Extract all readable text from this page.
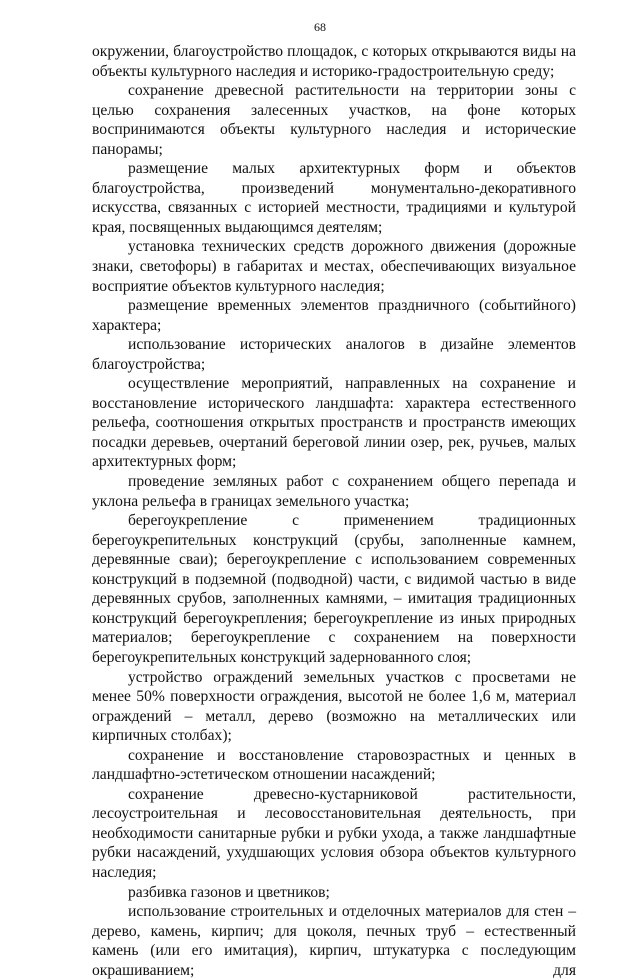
68

окружении, благоустройство площадок, с которых открываются виды на объекты культурного наследия и историко-градостроительную среду;

сохранение древесной растительности на территории зоны с целью сохранения залесенных участков, на фоне которых воспринимаются объекты культурного наследия и исторические панорамы;

размещение малых архитектурных форм и объектов благоустройства, произведений монументально-декоративного искусства, связанных с историей местности, традициями и культурой края, посвященных выдающимся деятелям;

установка технических средств дорожного движения (дорожные знаки, светофоры) в габаритах и местах, обеспечивающих визуальное восприятие объектов культурного наследия;

размещение временных элементов праздничного (событийного) характера;

использование исторических аналогов в дизайне элементов благоустройства;

осуществление мероприятий, направленных на сохранение и восстановление исторического ландшафта: характера естественного рельефа, соотношения открытых пространств и пространств имеющих посадки деревьев, очертаний береговой линии озер, рек, ручьев, малых архитектурных форм;

проведение земляных работ с сохранением общего перепада и уклона рельефа в границах земельного участка;

берегоукрепление с применением традиционных берегоукрепительных конструкций (срубы, заполненные камнем, деревянные сваи); берегоукрепление с использованием современных конструкций в подземной (подводной) части, с видимой частью в виде деревянных срубов, заполненных камнями, – имитация традиционных конструкций берегоукрепления; берегоукрепление из иных природных материалов; берегоукрепление с сохранением на поверхности берегоукрепительных конструкций задернованного слоя;

устройство ограждений земельных участков с просветами не менее 50% поверхности ограждения, высотой не более 1,6 м, материал ограждений – металл, дерево (возможно на металлических или кирпичных столбах);

сохранение и восстановление старовозрастных и ценных в ландшафтно-эстетическом отношении насаждений;

сохранение древесно-кустарниковой растительности, лесоустроительная и лесовосстановительная деятельность, при необходимости санитарные рубки и рубки ухода, а также ландшафтные рубки насаждений, ухудшающих условия обзора объектов культурного наследия;

разбивка газонов и цветников;

использование строительных и отделочных материалов для стен – дерево, камень, кирпич; для цоколя, печных труб – естественный камень (или его имитация), кирпич, штукатурка с последующим окрашиванием; для
